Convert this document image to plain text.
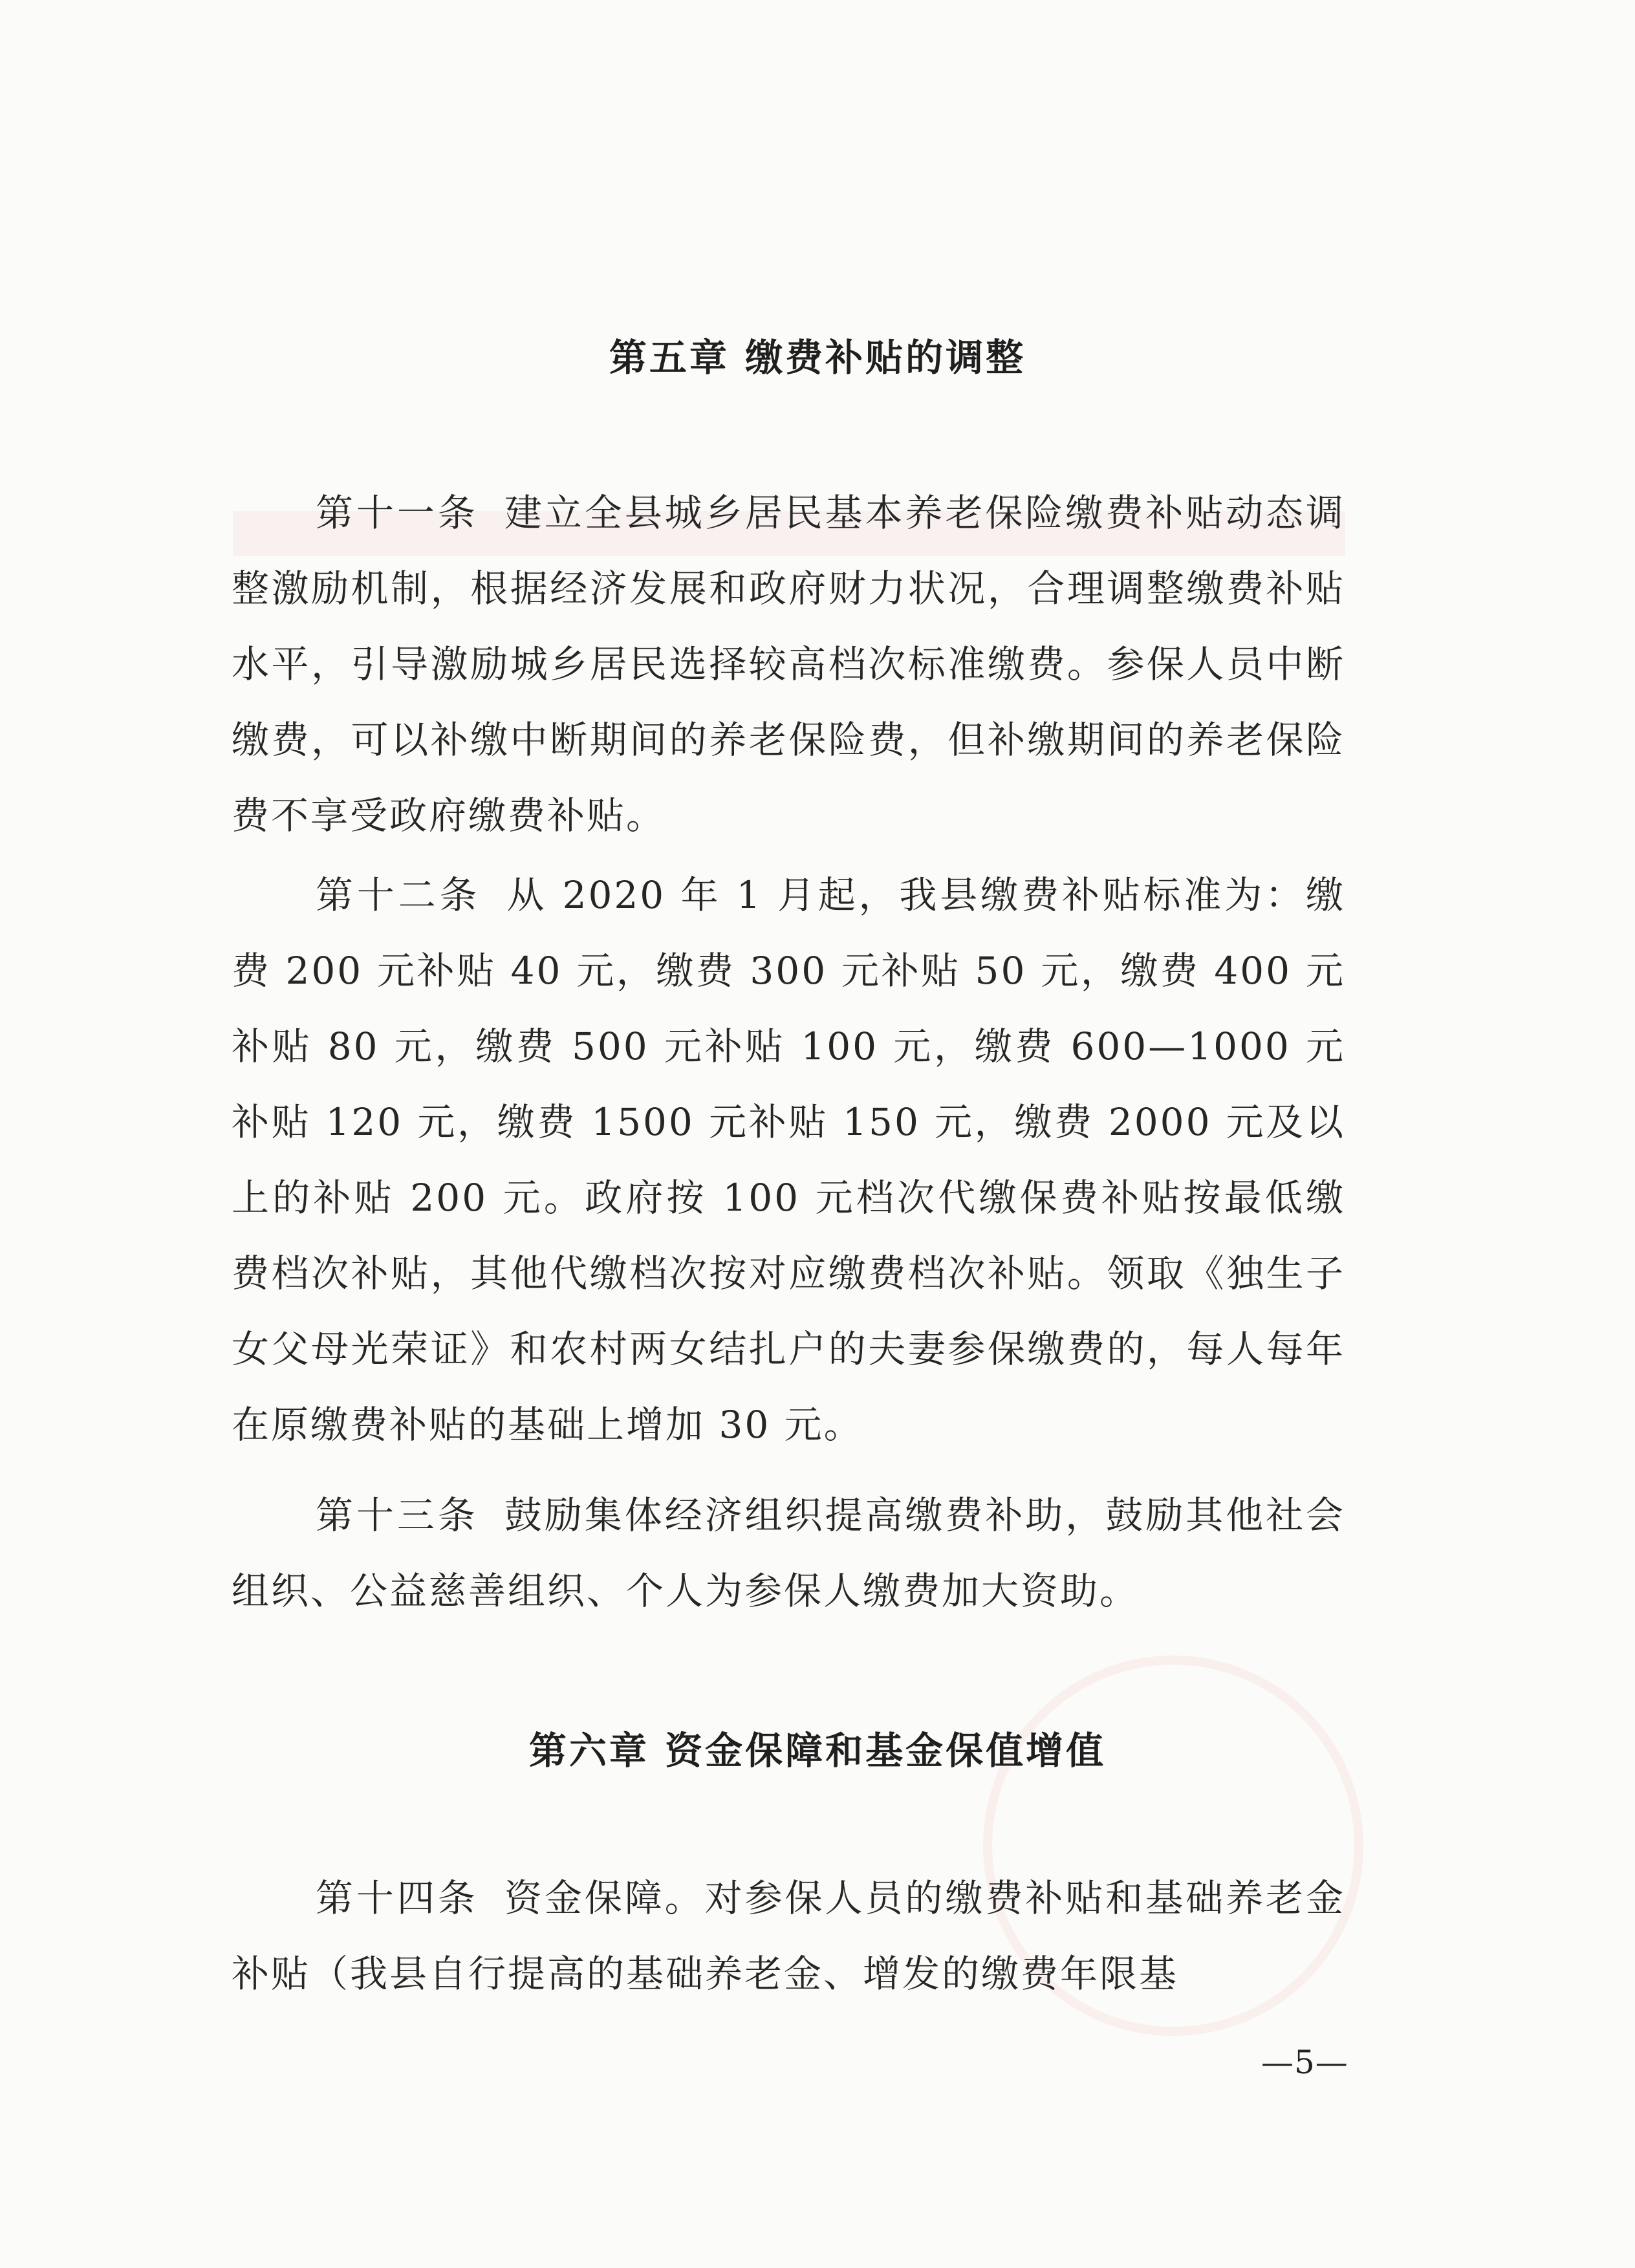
第五章 缴费补贴的调整

第十一条 建立全县城乡居民基本养老保险缴费补贴动态调整激励机制，根据经济发展和政府财力状况，合理调整缴费补贴水平，引导激励城乡居民选择较高档次标准缴费。参保人员中断缴费，可以补缴中断期间的养老保险费，但补缴期间的养老保险费不享受政府缴费补贴。

第十二条 从 2020 年 1 月起，我县缴费补贴标准为：缴费 200 元补贴 40 元，缴费 300 元补贴 50 元，缴费 400 元补贴 80 元，缴费 500 元补贴 100 元，缴费 600—1000 元补贴 120 元，缴费 1500 元补贴 150 元，缴费 2000 元及以上的补贴 200 元。政府按 100 元档次代缴保费补贴按最低缴费档次补贴，其他代缴档次按对应缴费档次补贴。领取《独生子女父母光荣证》和农村两女结扎户的夫妻参保缴费的，每人每年在原缴费补贴的基础上增加 30 元。

第十三条 鼓励集体经济组织提高缴费补助，鼓励其他社会组织、公益慈善组织、个人为参保人缴费加大资助。

第六章 资金保障和基金保值增值

第十四条 资金保障。对参保人员的缴费补贴和基础养老金补贴（我县自行提高的基础养老金、增发的缴费年限基

—5—
